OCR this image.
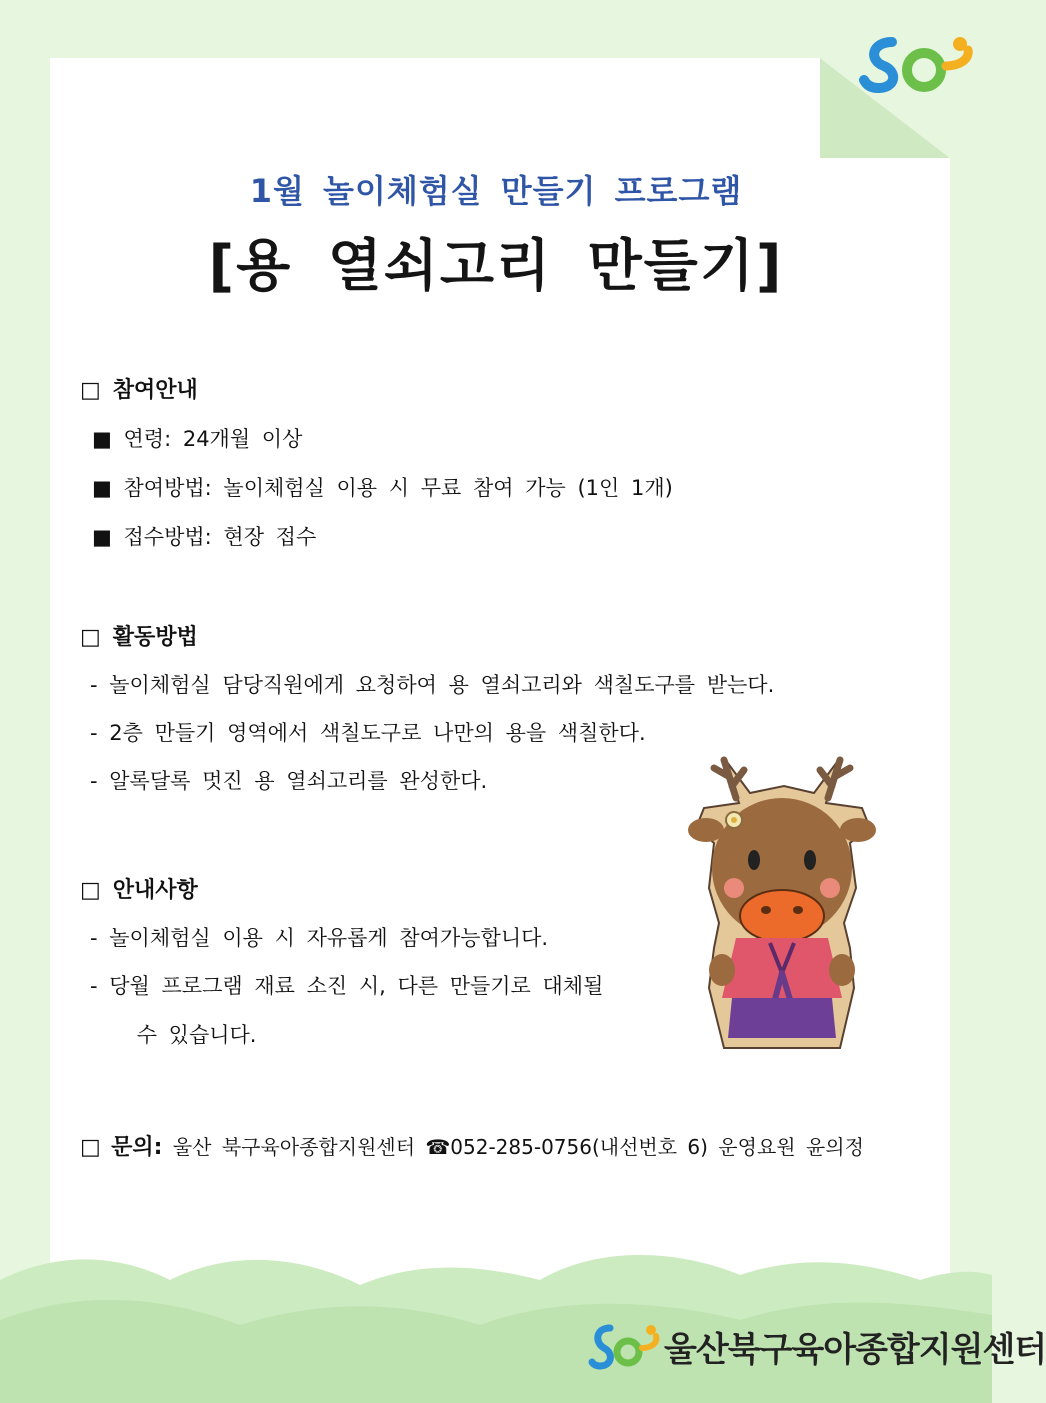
1월 놀이체험실 만들기 프로그램
[용 열쇠고리 만들기]
□ 참여안내
■ 연령: 24개월 이상
■ 참여방법: 놀이체험실 이용 시 무료 참여 가능 (1인 1개)
■ 접수방법: 현장 접수
□ 활동방법
- 놀이체험실 담당직원에게 요청하여 용 열쇠고리와 색칠도구를 받는다.
- 2층 만들기 영역에서 색칠도구로 나만의 용을 색칠한다.
- 알록달록 멋진 용 열쇠고리를 완성한다.
□ 안내사항
- 놀이체험실 이용 시 자유롭게 참여가능합니다.
- 당월 프로그램 재료 소진 시, 다른 만들기로 대체될
수 있습니다.
□ 문의: 울산 북구육아종합지원센터 ☎052-285-0756(내선번호 6) 운영요원 윤의정
울산북구육아종합지원센터
